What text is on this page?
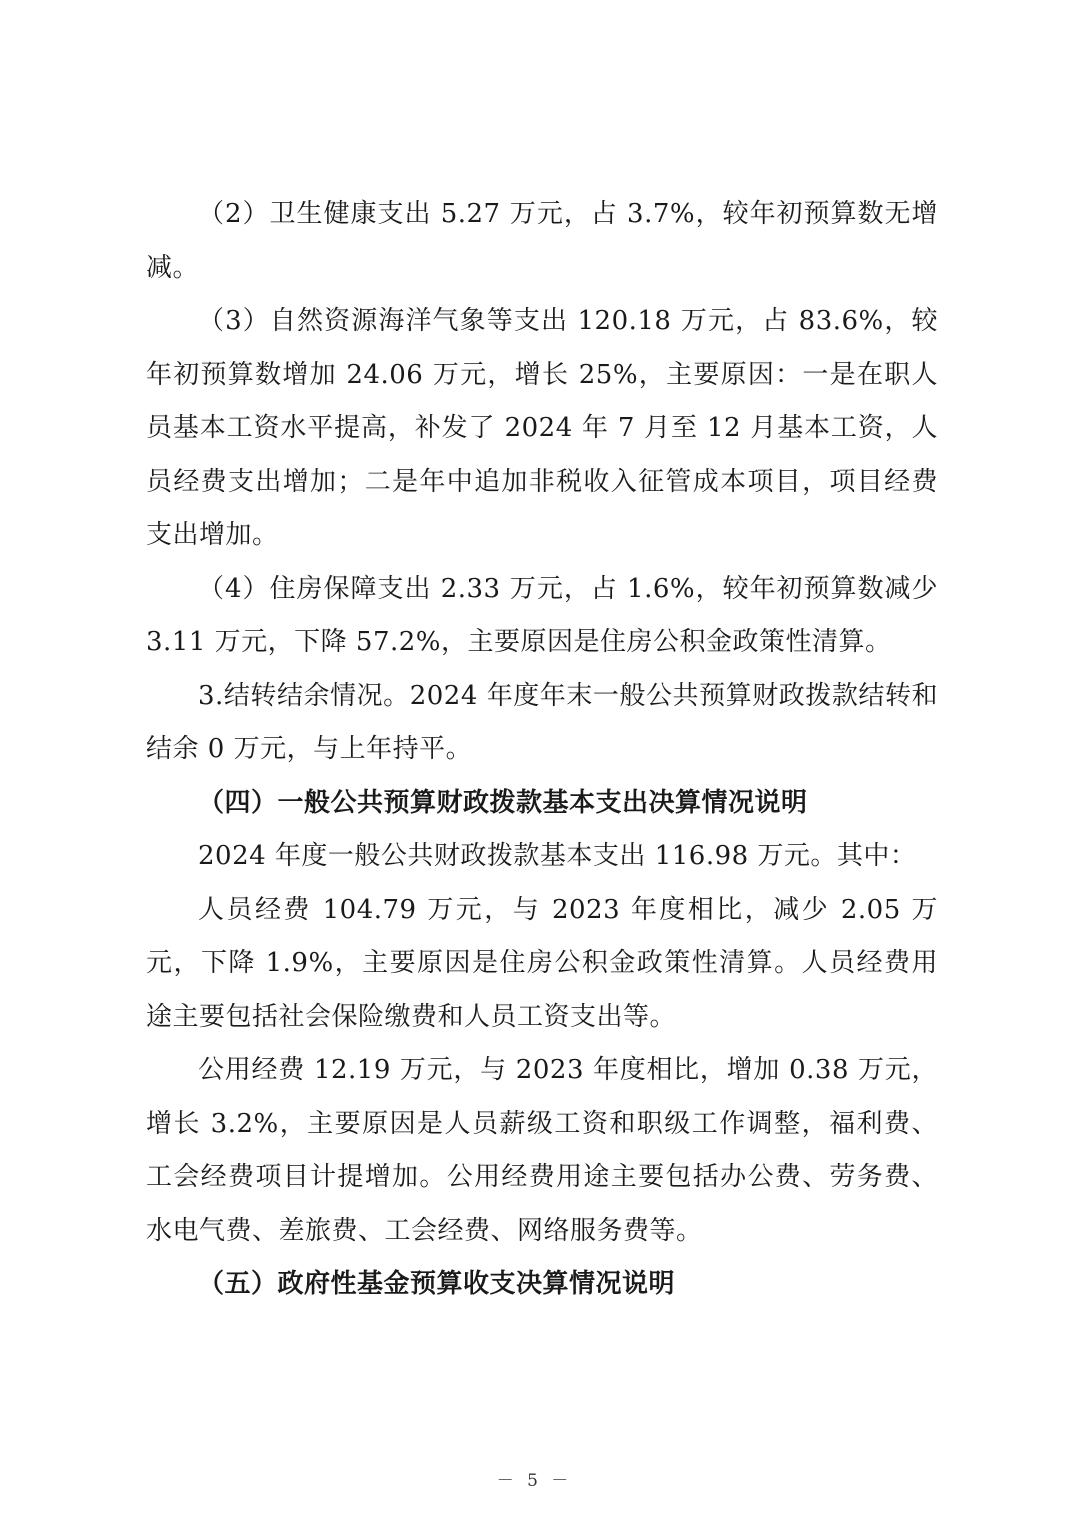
（2）卫生健康支出 5.27 万元，占 3.7%，较年初预算数无增减。

（3）自然资源海洋气象等支出 120.18 万元，占 83.6%，较年初预算数增加 24.06 万元，增长 25%，主要原因：一是在职人员基本工资水平提高，补发了 2024 年 7 月至 12 月基本工资，人员经费支出增加；二是年中追加非税收入征管成本项目，项目经费支出增加。

（4）住房保障支出 2.33 万元，占 1.6%，较年初预算数减少 3.11 万元，下降 57.2%，主要原因是住房公积金政策性清算。

3.结转结余情况。2024 年度年末一般公共预算财政拨款结转和结余 0 万元，与上年持平。

（四）一般公共预算财政拨款基本支出决算情况说明

2024 年度一般公共财政拨款基本支出 116.98 万元。其中：

人员经费 104.79 万元，与 2023 年度相比，减少 2.05 万元，下降 1.9%，主要原因是住房公积金政策性清算。人员经费用途主要包括社会保险缴费和人员工资支出等。

公用经费 12.19 万元，与 2023 年度相比，增加 0.38 万元，增长 3.2%，主要原因是人员薪级工资和职级工作调整，福利费、工会经费项目计提增加。公用经费用途主要包括办公费、劳务费、水电气费、差旅费、工会经费、网络服务费等。

（五）政府性基金预算收支决算情况说明

－ 5 －
